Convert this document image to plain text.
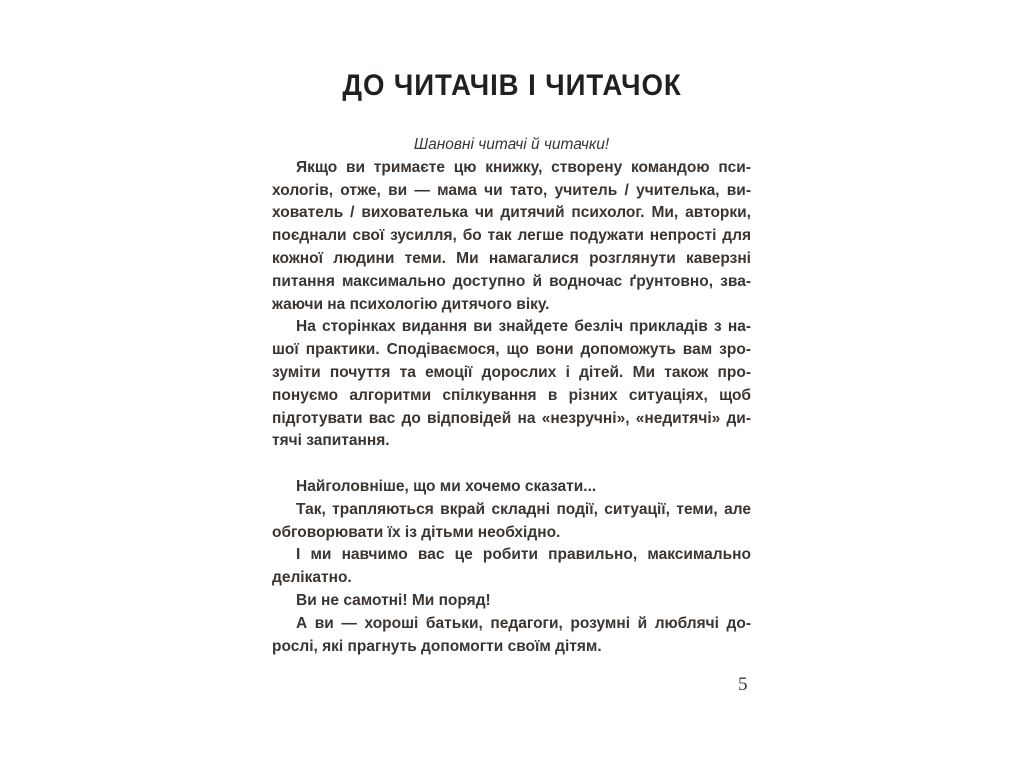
ДО ЧИТАЧІВ І ЧИТАЧОК
Шановні читачі й читачки!
Якщо ви тримаєте цю книжку, створену командою пси-
хологів, отже, ви — мама чи тато, учитель / учителька, ви-
хователь / вихователька чи дитячий психолог. Ми, авторки,
поєднали свої зусилля, бо так легше подужати непрості для
кожної людини теми. Ми намагалися розглянути каверзні
питання максимально доступно й водночас ґрунтовно, зва-
жаючи на психологію дитячого віку.
На сторінках видання ви знайдете безліч прикладів з на-
шої практики. Сподіваємося, що вони допоможуть вам зро-
зуміти почуття та емоції дорослих і дітей. Ми також про-
понуємо алгоритми спілкування в різних ситуаціях, щоб
підготувати вас до відповідей на «незручні», «недитячі» ди-
тячі запитання.
Найголовніше, що ми хочемо сказати...
Так, трапляються вкрай складні події, ситуації, теми, але
обговорювати їх із дітьми необхідно.
І ми навчимо вас це робити правильно, максимально
делікатно.
Ви не самотні! Ми поряд!
А ви — хороші батьки, педагоги, розумні й люблячі до-
рослі, які прагнуть допомогти своїм дітям.
5
